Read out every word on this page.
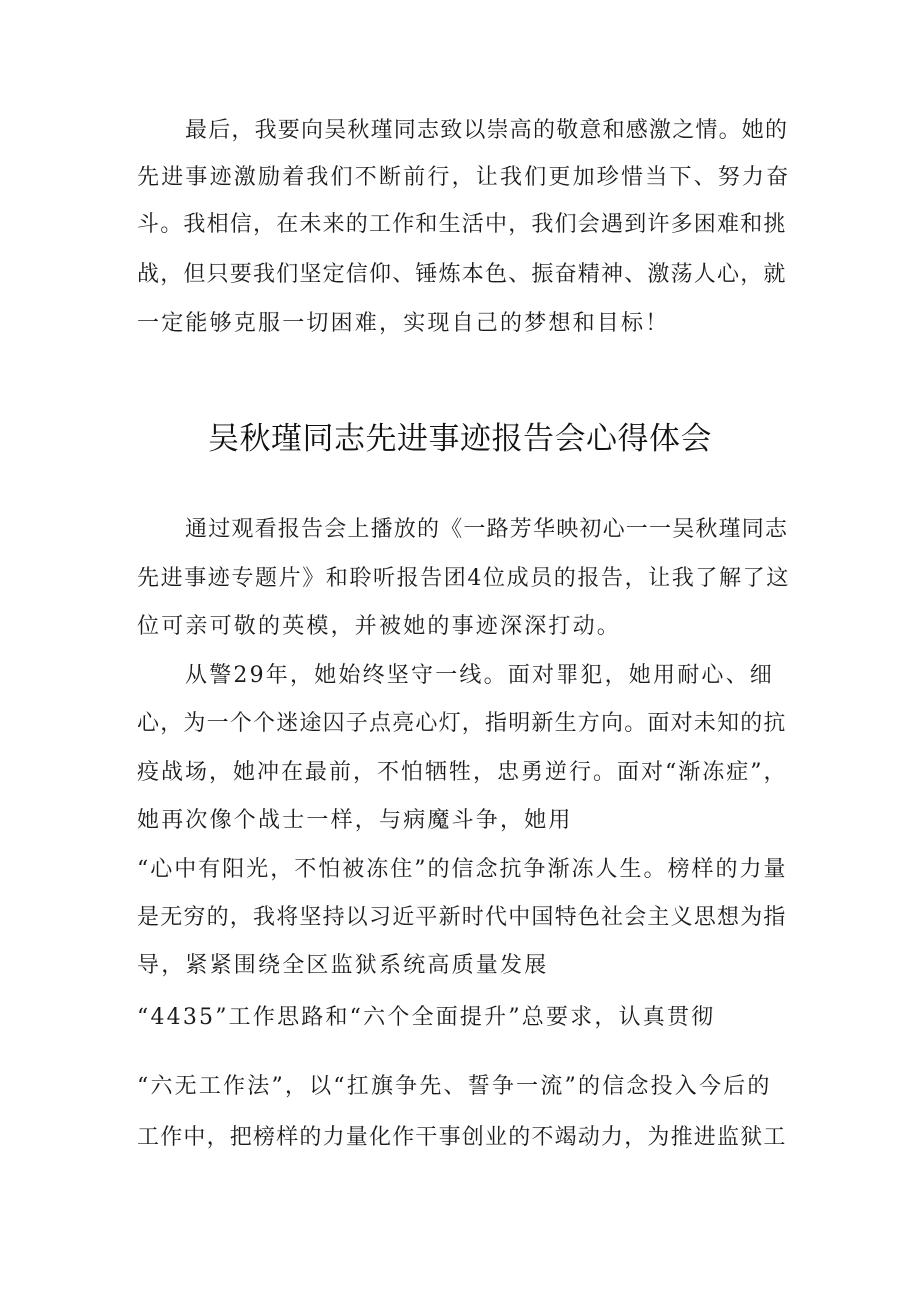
最后，我要向吴秋瑾同志致以崇高的敬意和感激之情。她的
先进事迹激励着我们不断前行，让我们更加珍惜当下、努力奋
斗。我相信，在未来的工作和生活中，我们会遇到许多困难和挑
战，但只要我们坚定信仰、锤炼本色、振奋精神、激荡人心，就
一定能够克服一切困难，实现自己的梦想和目标！
吴秋瑾同志先进事迹报告会心得体会
通过观看报告会上播放的《一路芳华映初心一一吴秋瑾同志
先进事迹专题片》和聆听报告团4位成员的报告，让我了解了这
位可亲可敬的英模，并被她的事迹深深打动。
从警29年，她始终坚守一线。面对罪犯，她用耐心、细
心，为一个个迷途囚子点亮心灯，指明新生方向。面对未知的抗
疫战场，她冲在最前，不怕牺牲，忠勇逆行。面对“渐冻症”，
她再次像个战士一样，与病魔斗争，她用
“心中有阳光，不怕被冻住”的信念抗争渐冻人生。榜样的力量
是无穷的，我将坚持以习近平新时代中国特色社会主义思想为指
导，紧紧围绕全区监狱系统高质量发展
“4435”工作思路和“六个全面提升”总要求，认真贯彻
“六无工作法”，以“扛旗争先、誓争一流”的信念投入今后的
工作中，把榜样的力量化作干事创业的不竭动力，为推进监狱工
